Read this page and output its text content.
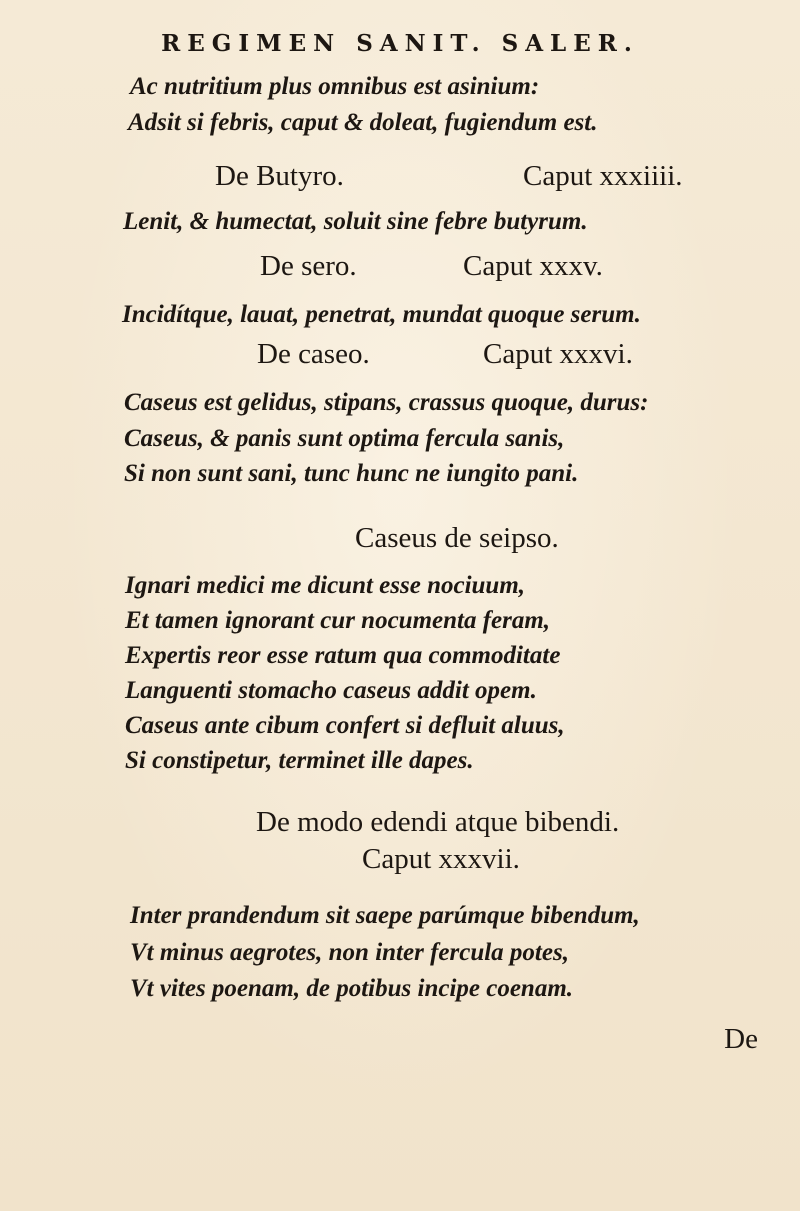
REGIMEN SANIT. SALER.
Ac nutritium plus omnibus est asinium:
Adsit si febris, caput & doleat, fugiendum est.
De Butyro.	Caput xxxiiii.
Lenit, & humectat, soluit sine febre butyrum.
De sero.	Caput xxxv.
Incidítque, lauat, penetrat, mundat quoque serum.
De caseo.	Caput xxxvi.
Caseus est gelidus, stipans, crassus quoque, durus:
Caseus, & panis sunt optima fercula sanis,
Si non sunt sani, tunc hunc ne iungito pani.
Caseus de seipso.
Ignari medici me dicunt esse nociuum,
Et tamen ignorant cur nocumenta feram,
Expertis reor esse ratum qua commoditate
Languenti stomacho caseus addit opem.
Caseus ante cibum confert si defluit aluus,
Si constipetur, terminet ille dapes.
De modo edendi atque bibendi.
Caput xxxvii.
Inter prandendum sit saepe parúmque bibendum,
Vt minus aegrotes, non inter fercula potes,
Vt vites poenam, de potibus incipe coenam.
De
